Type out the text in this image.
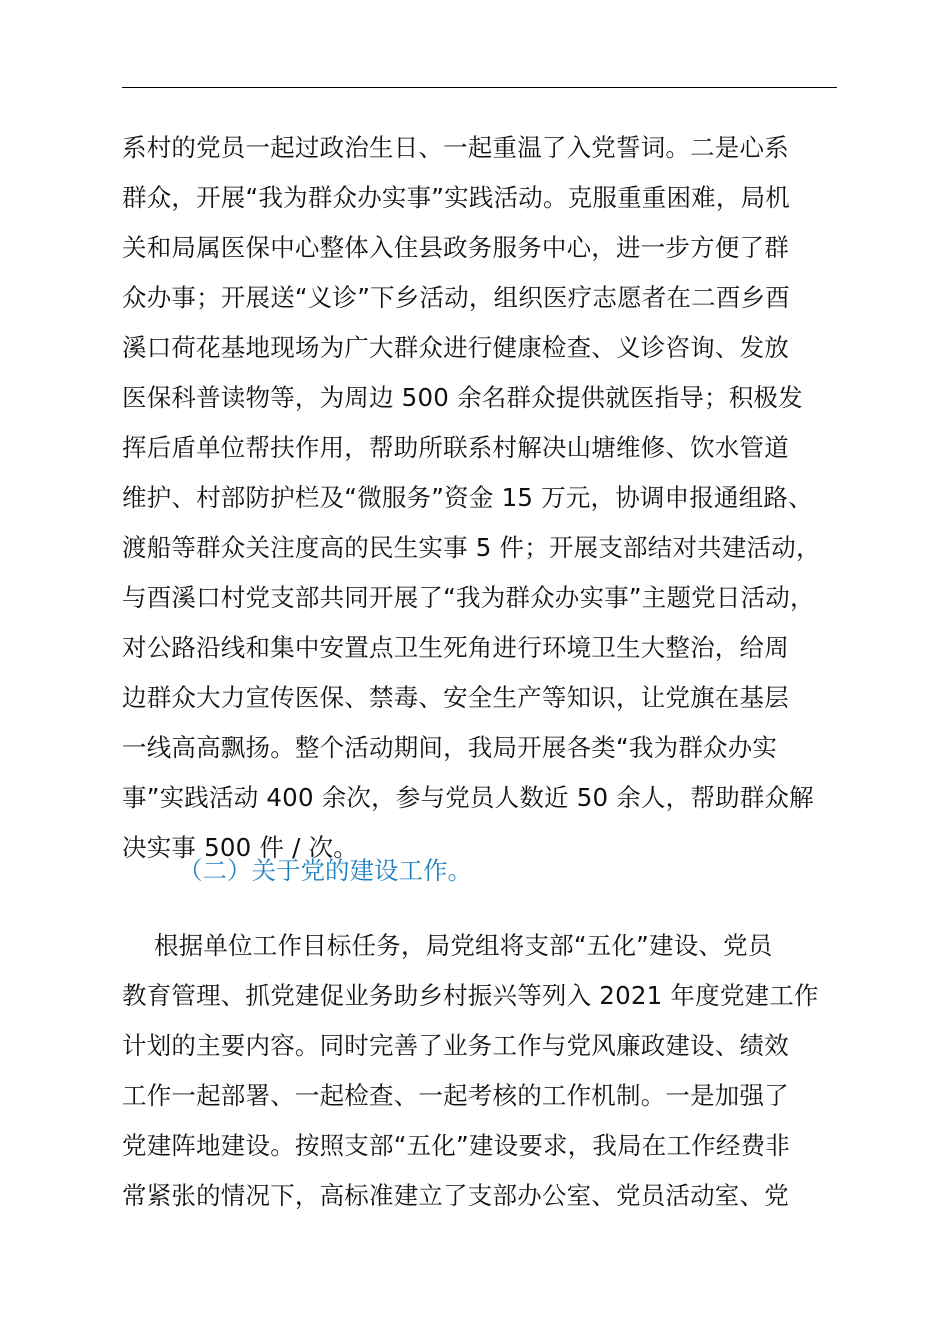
系村的党员一起过政治生日、一起重温了入党誓词。二是心系
群众，开展“我为群众办实事”实践活动。克服重重困难，局机
关和局属医保中心整体入住县政务服务中心，进一步方便了群
众办事；开展送“义诊”下乡活动，组织医疗志愿者在二酉乡酉
溪口荷花基地现场为广大群众进行健康检查、义诊咨询、发放
医保科普读物等，为周边 500 余名群众提供就医指导；积极发
挥后盾单位帮扶作用，帮助所联系村解决山塘维修、饮水管道
维护、村部防护栏及“微服务”资金 15 万元，协调申报通组路、
渡船等群众关注度高的民生实事 5 件；开展支部结对共建活动，
与酉溪口村党支部共同开展了“我为群众办实事”主题党日活动，
对公路沿线和集中安置点卫生死角进行环境卫生大整治，给周
边群众大力宣传医保、禁毒、安全生产等知识，让党旗在基层
一线高高飘扬。整个活动期间，我局开展各类“我为群众办实
事”实践活动 400 余次，参与党员人数近 50 余人，帮助群众解
决实事 500 件 / 次。
（二）关于党的建设工作。
根据单位工作目标任务，局党组将支部“五化”建设、党员
教育管理、抓党建促业务助乡村振兴等列入 2021 年度党建工作
计划的主要内容。同时完善了业务工作与党风廉政建设、绩效
工作一起部署、一起检查、一起考核的工作机制。一是加强了
党建阵地建设。按照支部“五化”建设要求，我局在工作经费非
常紧张的情况下，高标准建立了支部办公室、党员活动室、党
